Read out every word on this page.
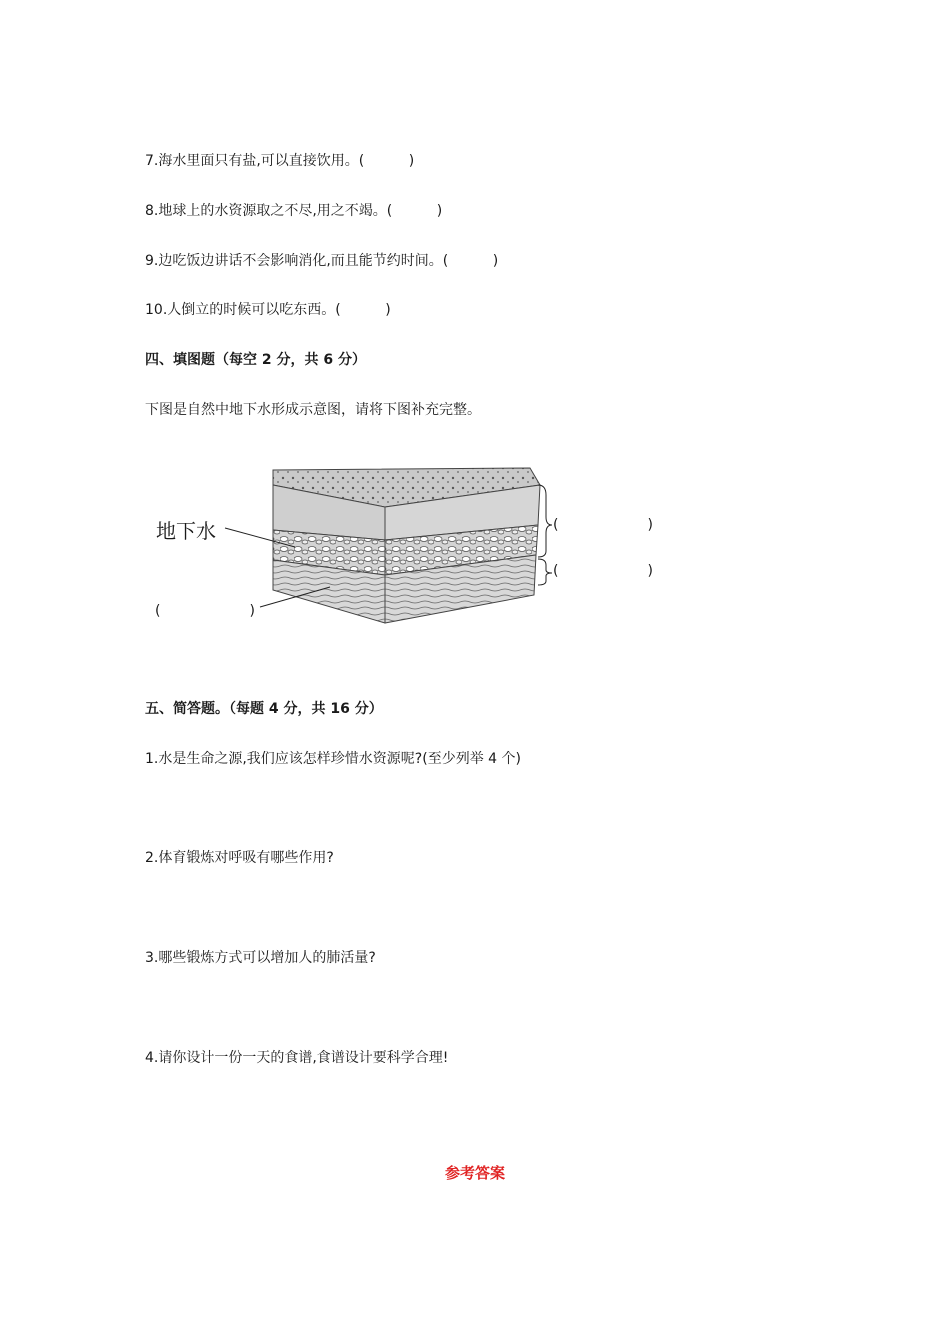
7.海水里面只有盐,可以直接饮用。(          )
8.地球上的水资源取之不尽,用之不竭。(          )
9.边吃饭边讲话不会影响消化,而且能节约时间。(          )
10.人倒立的时候可以吃东西。(          )
四、填图题（每空 2 分，共 6 分）
下图是自然中地下水形成示意图，请将下图补充完整。
地下水	(                    )
(                    )
(                    )
五、简答题。（每题 4 分，共 16 分）
1.水是生命之源,我们应该怎样珍惜水资源呢?(至少列举 4 个)
2.体育锻炼对呼吸有哪些作用?
3.哪些锻炼方式可以增加人的肺活量?
4.请你设计一份一天的食谱,食谱设计要科学合理!
参考答案
